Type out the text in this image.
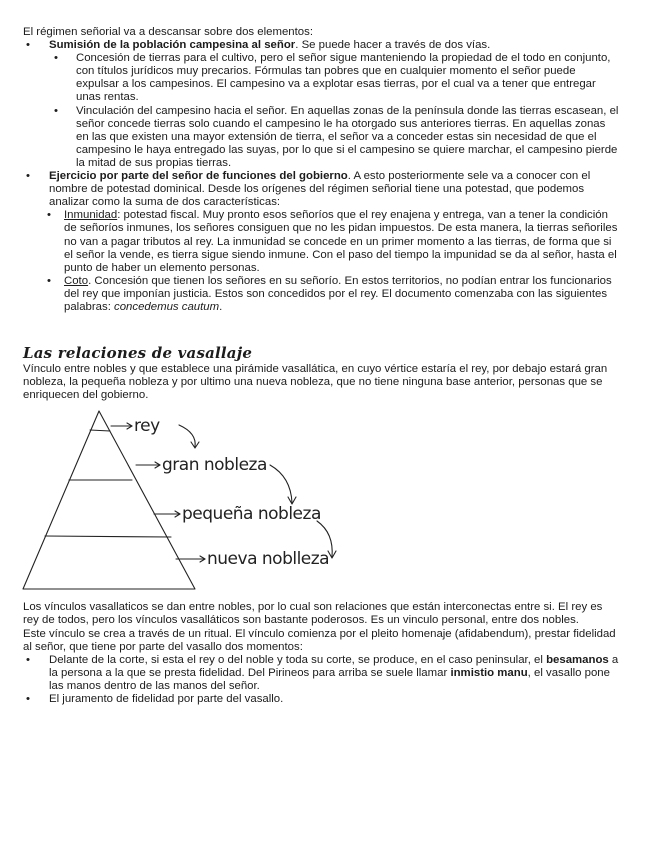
El régimen señorial va a descansar sobre dos elementos:

• Sumisión de la población campesina al señor. Se puede hacer a través de dos vías.
• Concesión de tierras para el cultivo, pero el señor sigue manteniendo la propiedad de el todo en conjunto, con títulos jurídicos muy precarios. Fórmulas tan pobres que en cualquier momento el señor puede expulsar a los campesinos. El campesino va a explotar esas tierras, por el cual va a tener que entregar unas rentas.
• Vinculación del campesino hacia el señor. En aquellas zonas de la península donde las tierras escasean, el señor concede tierras solo cuando el campesino le ha otorgado sus anteriores tierras. En aquellas zonas en las que existen una mayor extensión de tierra, el señor va a conceder estas sin necesidad de que el campesino le haya entregado las suyas, por lo que si el campesino se quiere marchar, el campesino pierde la mitad de sus propias tierras.
• Ejercicio por parte del señor de funciones del gobierno. A esto posteriormente sele va a conocer con el nombre de potestad dominical. Desde los orígenes del régimen señorial tiene una potestad, que podemos analizar como la suma de dos características:
• Inmunidad: potestad fiscal. Muy pronto esos señoríos que el rey enajena y entrega, van a tener la condición de señoríos inmunes, los señores consiguen que no les pidan impuestos. De esta manera, la tierras señoriles no van a pagar tributos al rey. La inmunidad se concede en un primer momento a las tierras, de forma que si el señor la vende, es tierra sigue siendo inmune. Con el paso del tiempo la impunidad se da al señor, hasta el punto de haber un elemento personas.
• Coto. Concesión que tienen los señores en su señorío. En estos territorios, no podían entrar los funcionarios del rey que imponían justicia. Estos son concedidos por el rey. El documento comenzaba con las siguientes palabras: concedemus cautum.
Las relaciones de vasallaje

Vínculo entre nobles y que establece una pirámide vasallática, en cuyo vértice estaría el rey, por debajo estará gran nobleza, la pequeña nobleza y por ultimo una nueva nobleza, que no tiene ninguna base anterior, personas que se enriquecen del gobierno.

rey
gran nobleza
pequeña nobleza
nueva noblleza

Los vínculos vasallaticos se dan entre nobles, por lo cual son relaciones que están interconectas entre si. El rey es rey de todos, pero los vínculos vasalláticos son bastante poderosos. Es un vinculo personal, entre dos nobles.

Este vínculo se crea a través de un ritual. El vínculo comienza por el pleito homenaje (afidabendum), prestar fidelidad al señor, que tiene por parte del vasallo dos momentos:

• Delante de la corte, si esta el rey o del noble y toda su corte, se produce, en el caso peninsular, el besamanos a la persona a la que se presta fidelidad. Del Pirineos para arriba se suele llamar inmistio manu, el vasallo pone las manos dentro de las manos del señor.
• El juramento de fidelidad por parte del vasallo.
